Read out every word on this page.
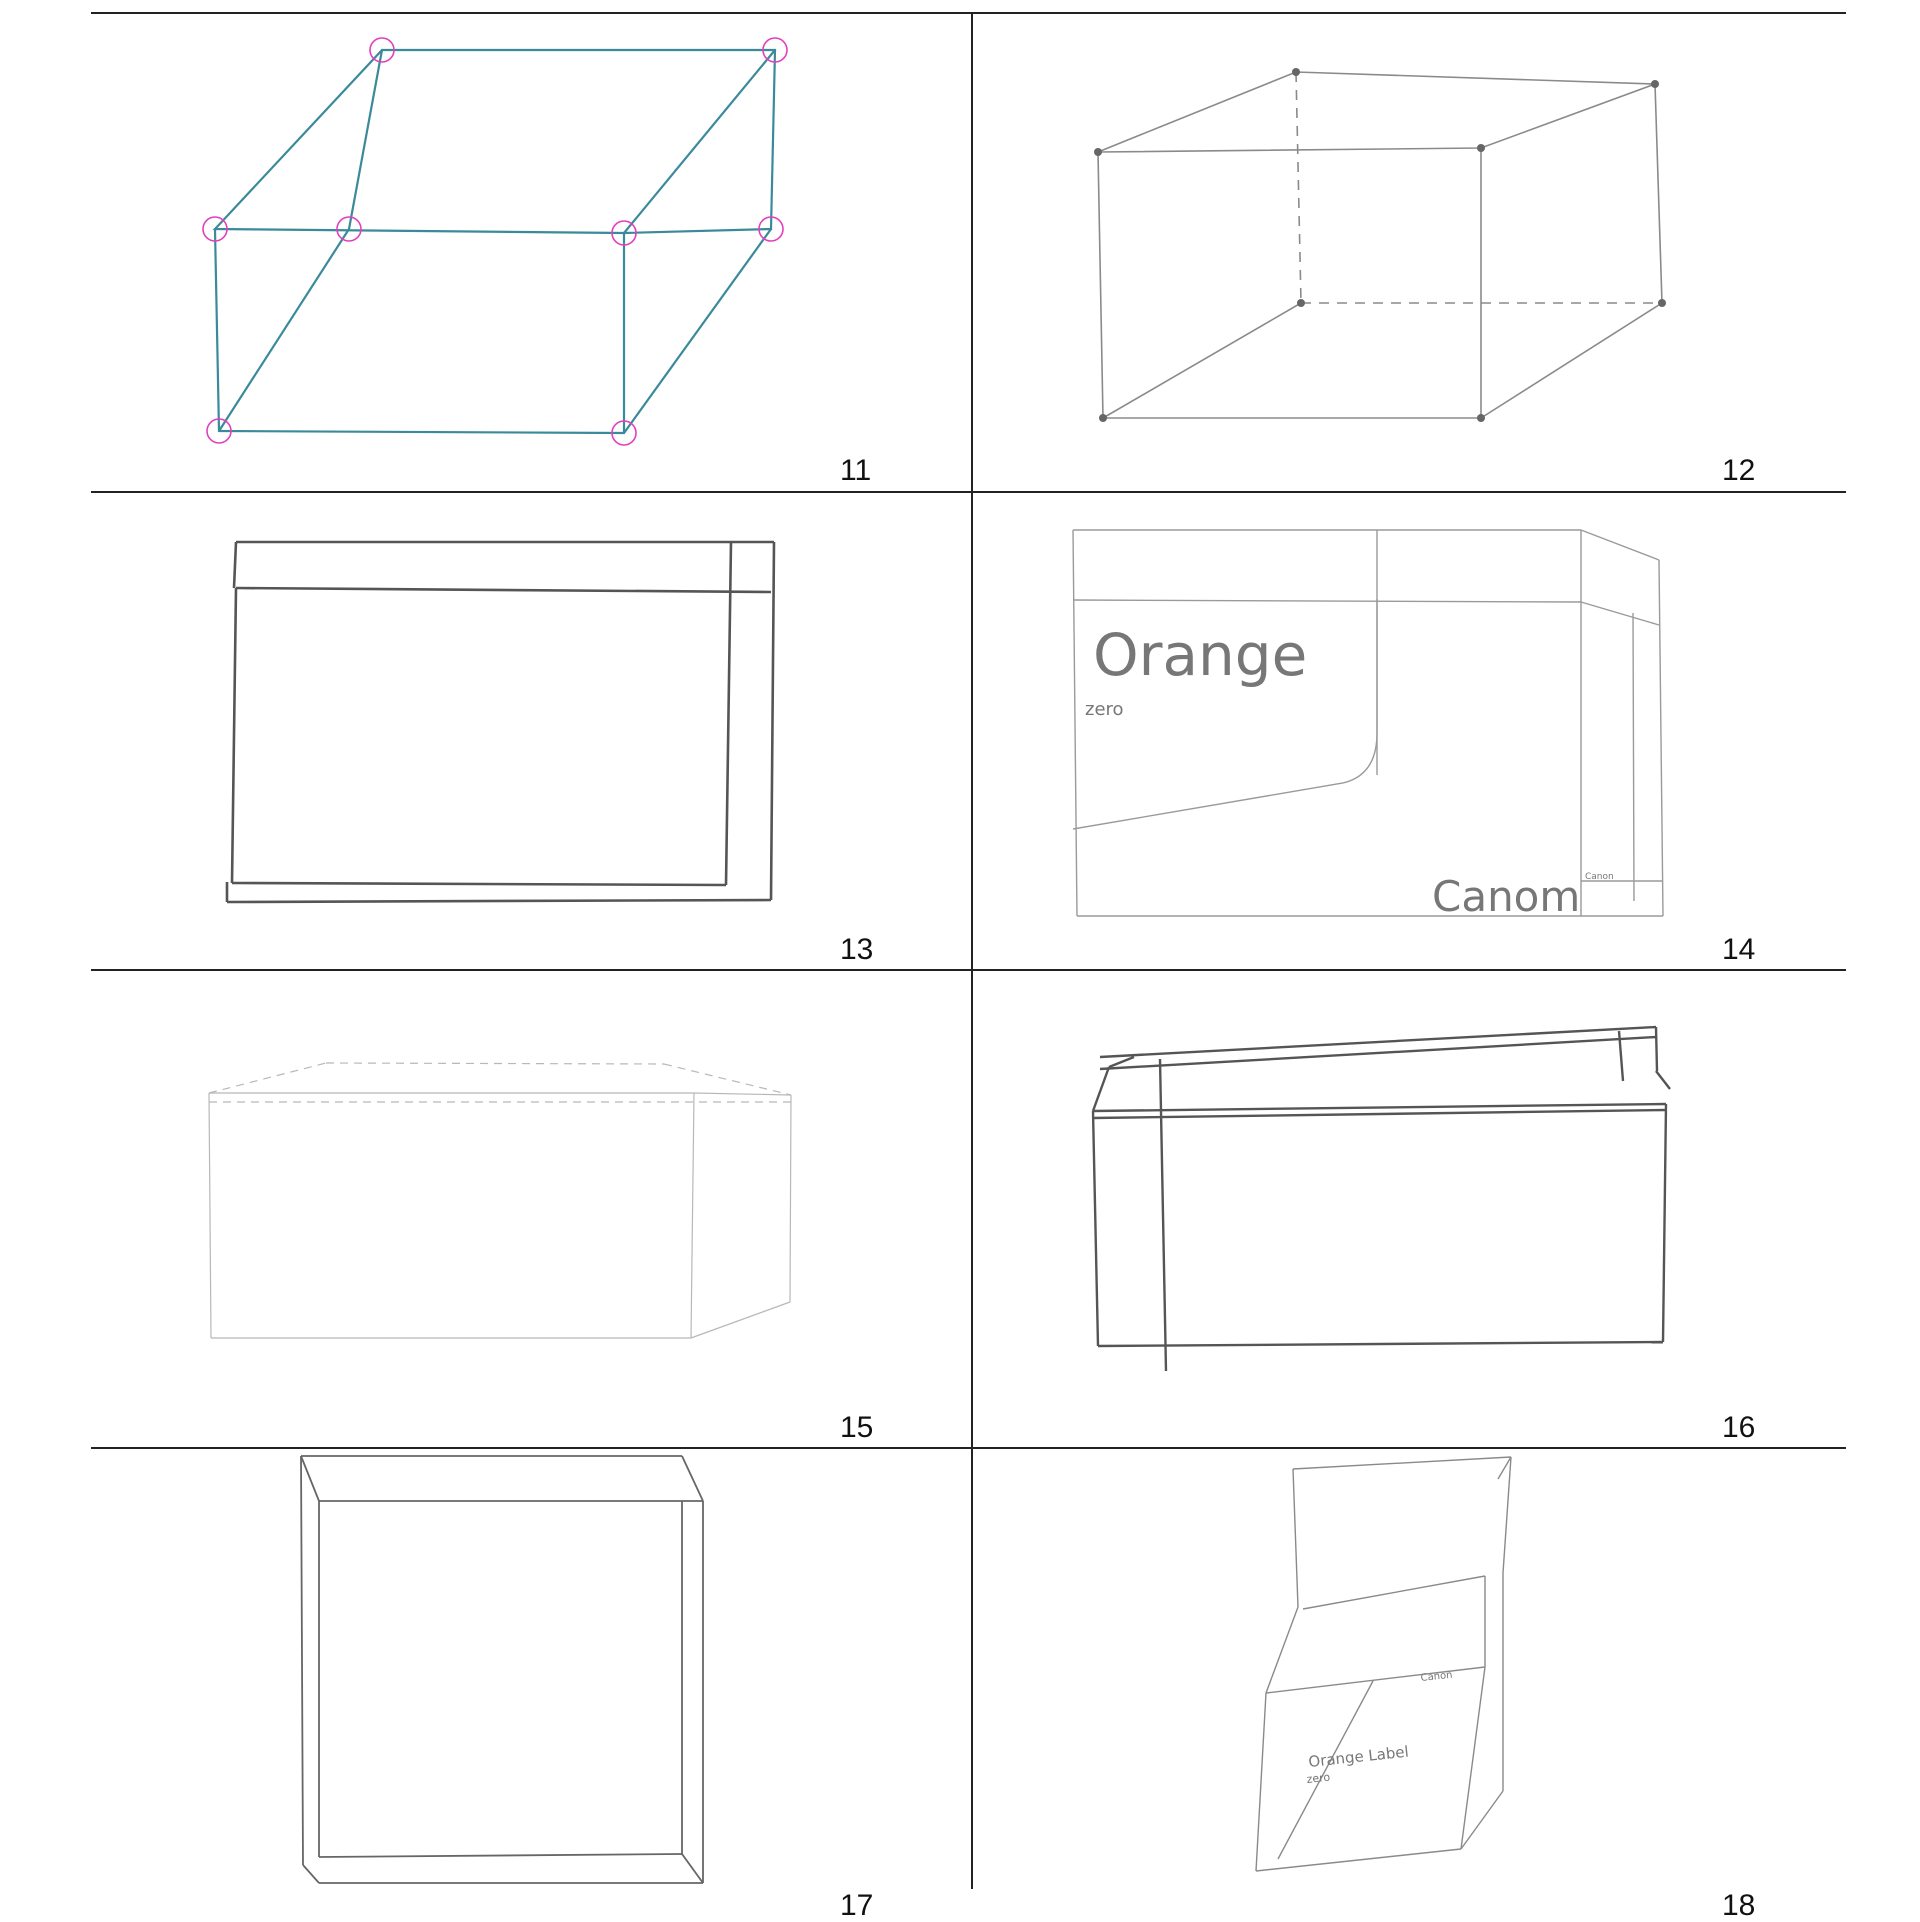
11	12
13
Orange
zero
Canom Canon
14
15	16
17
Orange Label
zero
Canon
18
